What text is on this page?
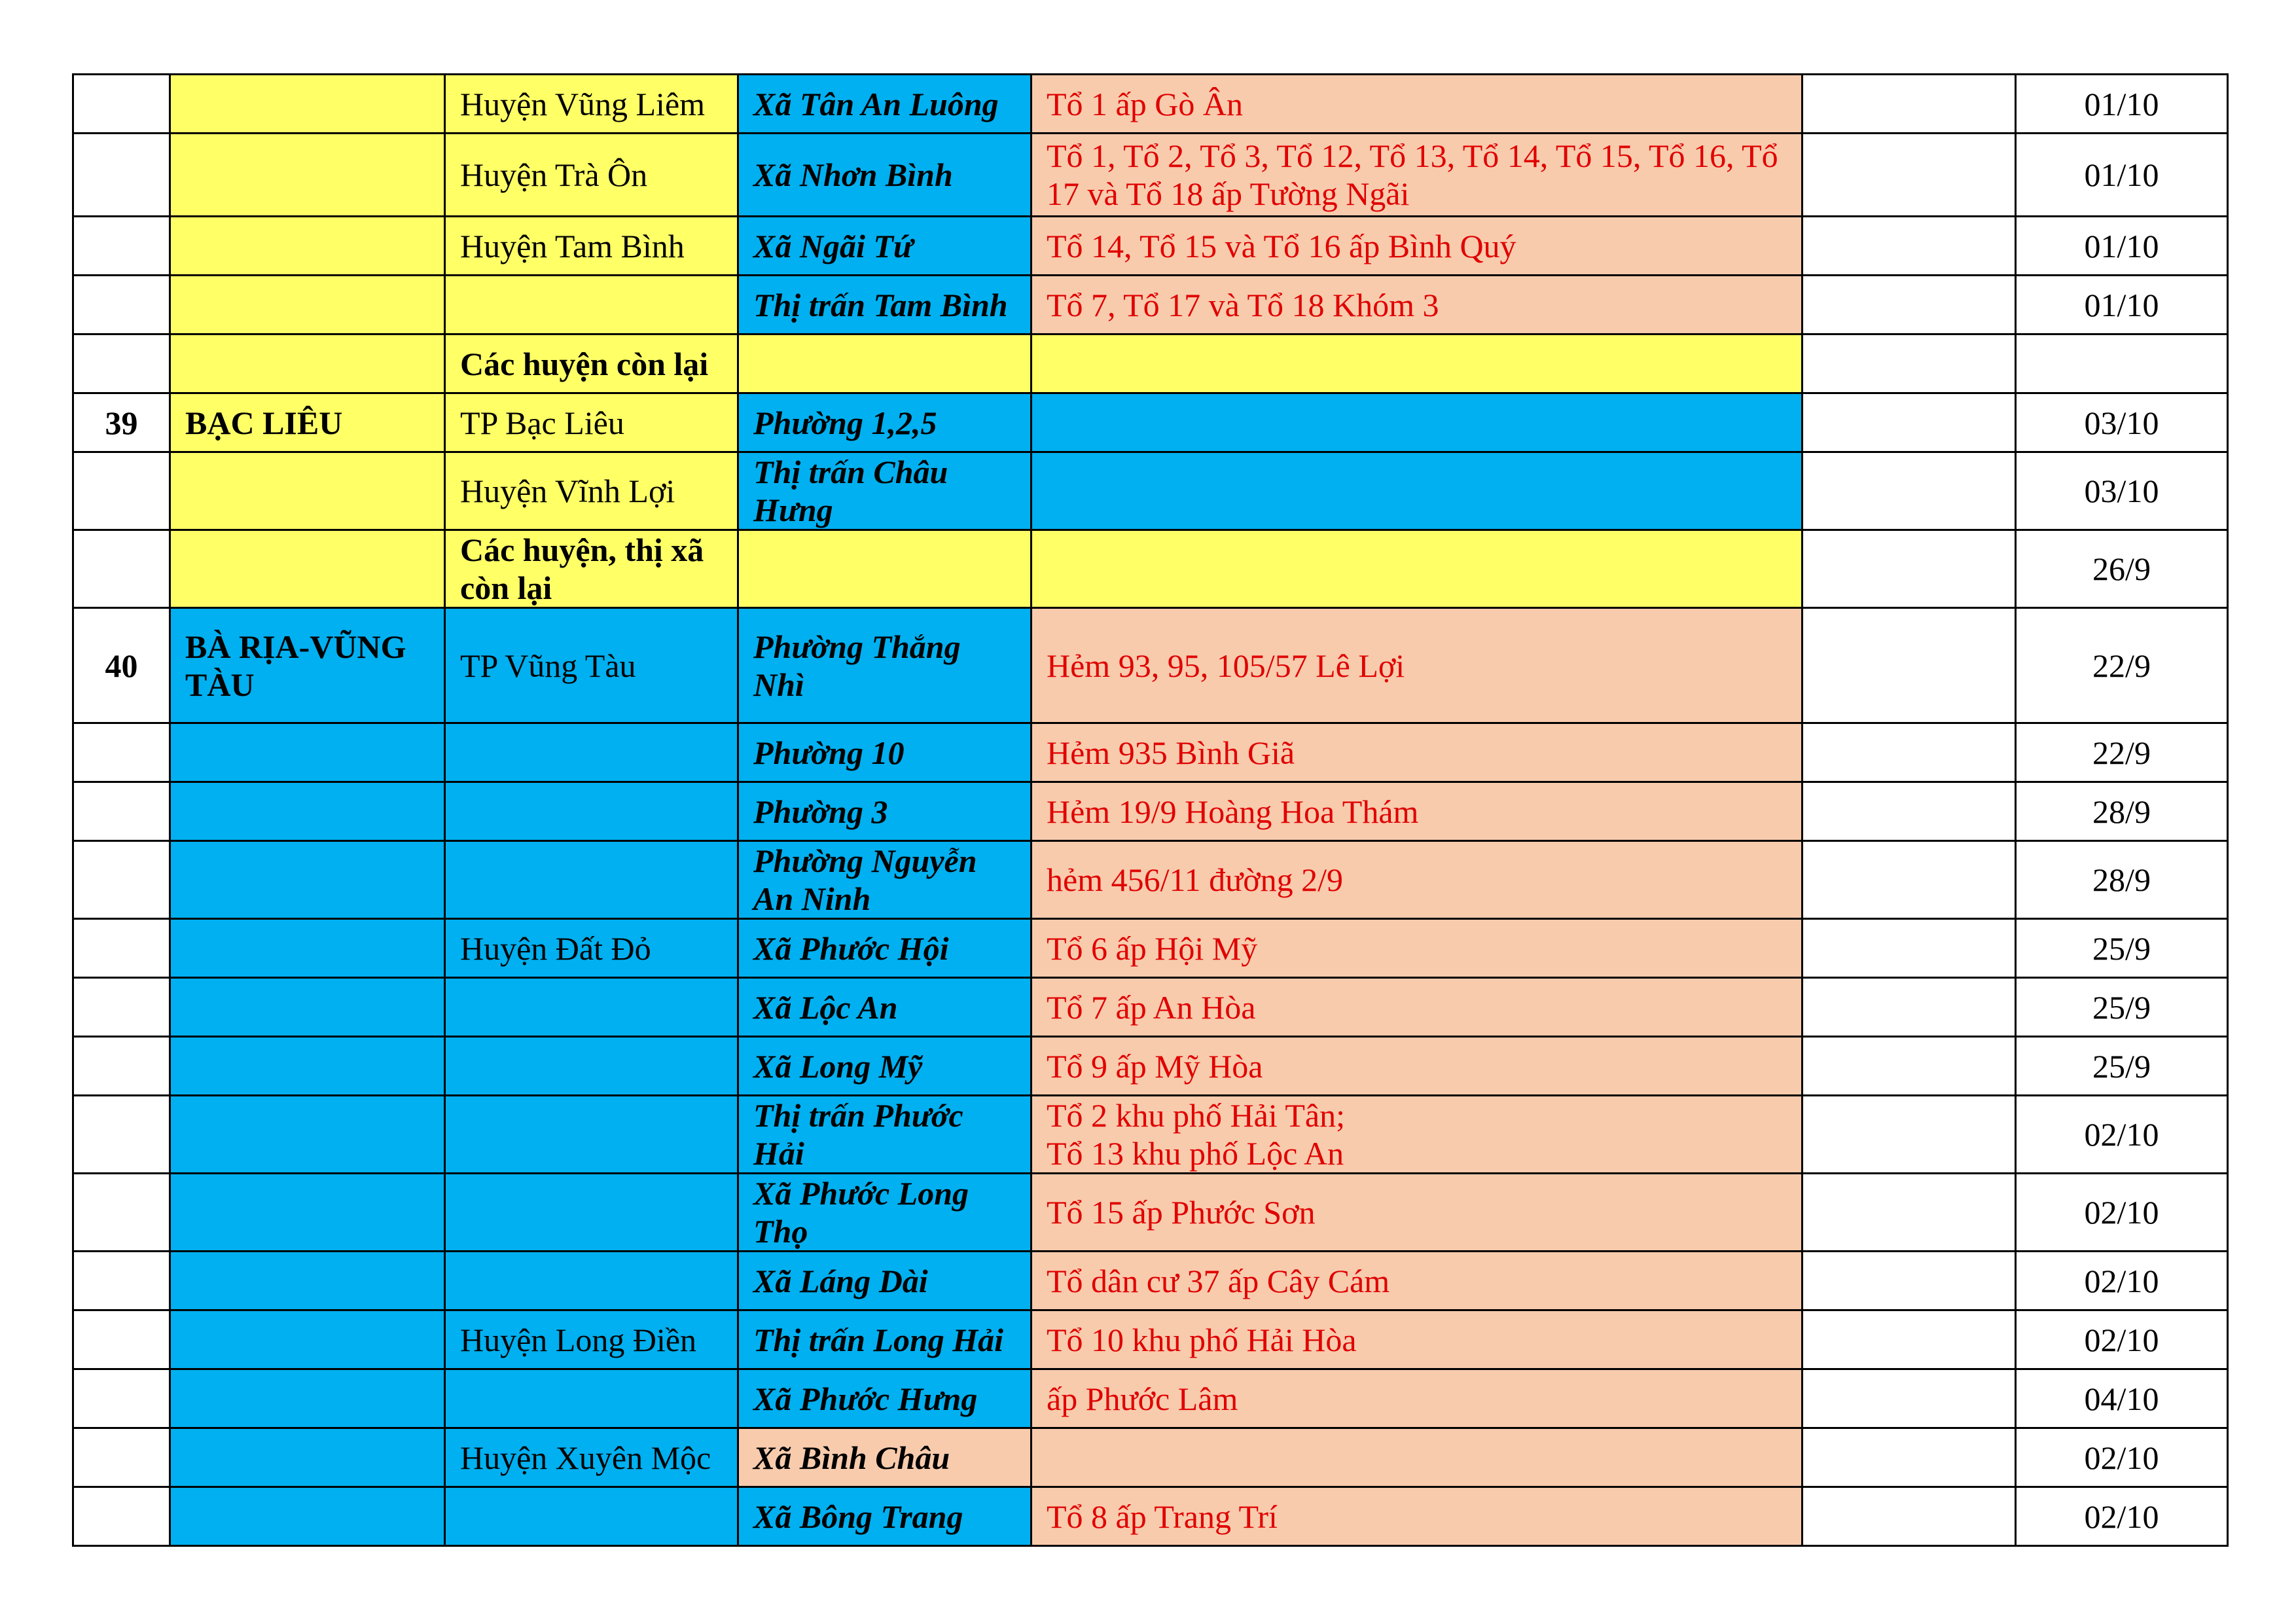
		Huyện Vũng Liêm	Xã Tân An Luông	Tổ 1 ấp Gò Ân		01/10
		Huyện Trà Ôn	Xã Nhơn Bình	Tổ 1, Tổ 2, Tổ 3, Tổ 12, Tổ 13, Tổ 14, Tổ 15, Tổ 16, Tổ 17 và Tổ 18 ấp Tường Ngãi		01/10
		Huyện Tam Bình	Xã Ngãi Tứ	Tổ 14, Tổ 15 và Tổ 16 ấp Bình Quý		01/10
			Thị trấn Tam Bình	Tổ 7, Tổ 17 và Tổ 18 Khóm 3		01/10
		Các huyện còn lại				
39	BẠC LIÊU	TP Bạc Liêu	Phường 1,2,5			03/10
		Huyện Vĩnh Lợi	Thị trấn Châu Hưng			03/10
		Các huyện, thị xã còn lại				26/9
40	BÀ RỊA-VŨNG TÀU	TP Vũng Tàu	Phường Thắng Nhì	Hẻm 93, 95, 105/57 Lê Lợi		22/9
			Phường 10	Hẻm 935 Bình Giã		22/9
			Phường 3	Hẻm 19/9 Hoàng Hoa Thám		28/9
			Phường Nguyễn An Ninh	hẻm 456/11 đường 2/9		28/9
		Huyện Đất Đỏ	Xã Phước Hội	Tổ 6 ấp Hội Mỹ		25/9
			Xã Lộc An	Tổ 7 ấp An Hòa		25/9
			Xã Long Mỹ	Tổ 9 ấp Mỹ Hòa		25/9
			Thị trấn Phước Hải	Tổ 2 khu phố Hải Tân;
Tổ 13 khu phố Lộc An		02/10
			Xã Phước Long Thọ	Tổ 15 ấp Phước Sơn		02/10
			Xã Láng Dài	Tổ dân cư 37 ấp Cây Cám		02/10
		Huyện Long Điền	Thị trấn Long Hải	Tổ 10 khu phố Hải Hòa		02/10
			Xã Phước Hưng	ấp Phước Lâm		04/10
		Huyện Xuyên Mộc	Xã Bình Châu			02/10
			Xã Bông Trang	Tổ 8 ấp Trang Trí		02/10
